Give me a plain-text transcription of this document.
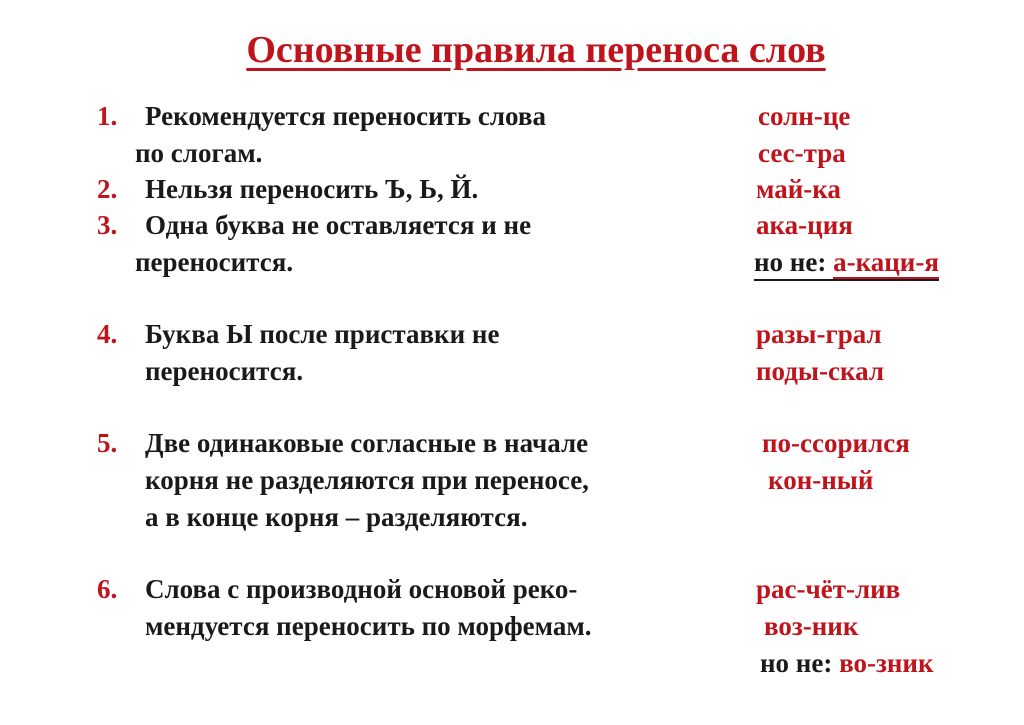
Основные правила переноса слов
1. Рекомендуется переносить слова
по слогам.
солн-це
сес-тра
2. Нельзя переносить Ъ, Ь, Й.	май-ка
3. Одна буква не оставляется и не
переносится.
ака-ция
но не: а-каци-я
4. Буква Ы после приставки не
переносится.
разы-грал
поды-скал
5. Две одинаковые согласные в начале
корня не разделяются при переносе,
а в конце корня – разделяются.
по-ссорился
кон-ный
6. Слова с производной основой реко-
мендуется переносить по морфемам.
рас-чёт-лив
воз-ник
но не: во-зник
